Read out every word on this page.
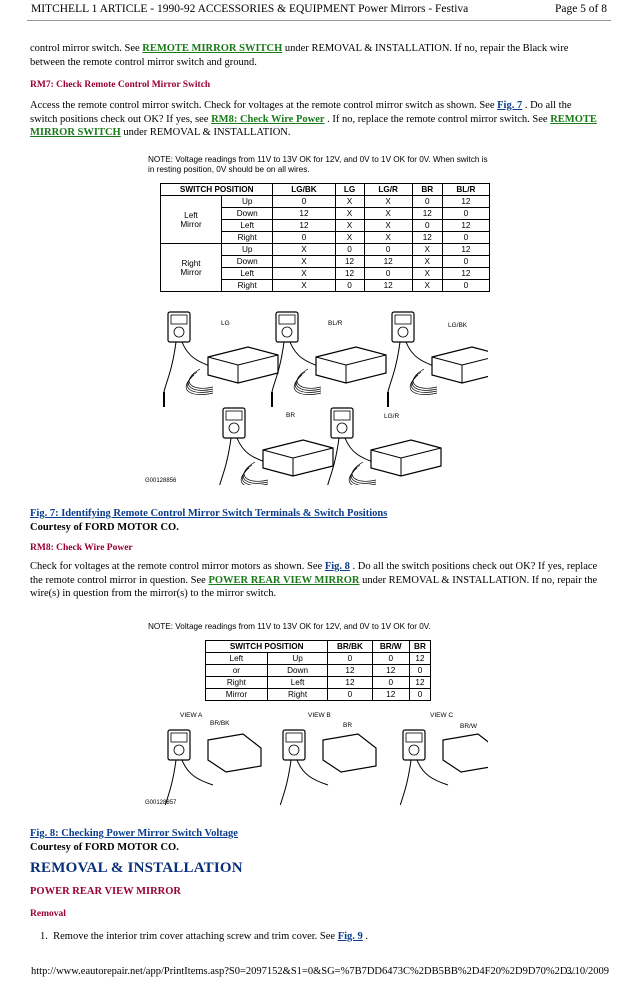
MITCHELL 1 ARTICLE - 1990-92 ACCESSORIES & EQUIPMENT Power Mirrors - Festiva	Page 5 of 8
control mirror switch. See REMOTE MIRROR SWITCH under REMOVAL & INSTALLATION. If no, repair the Black wire between the remote control mirror switch and ground.
RM7: Check Remote Control Mirror Switch
Access the remote control mirror switch. Check for voltages at the remote control mirror switch as shown. See Fig. 7 . Do all the switch positions check out OK? If yes, see RM8: Check Wire Power . If no, replace the remote control mirror switch. See REMOTE MIRROR SWITCH under REMOVAL & INSTALLATION.
NOTE: Voltage readings from 11V to 13V OK for 12V, and 0V to 1V OK for 0V. When switch is in resting position, 0V should be on all wires.
SWITCH POSITION		LG/BK	LG	LG/R	BR	BL/R

Left
Mirror	Up	0	X	X	0	12
	Down	12	X	X	12	0
	Left	12	X	X	0	12
	Right	0	X	X	12	0

Right
Mirror	Up	X	0	0	X	12
	Down	X	12	12	X	0
	Left	X	12	0	X	12
	Right	X	0	12	X	0
LG	BL/R	LG/BK
BR	LG/R
G00128856
Fig. 7: Identifying Remote Control Mirror Switch Terminals & Switch Positions
Courtesy of FORD MOTOR CO.
RM8: Check Wire Power
Check for voltages at the remote control mirror motors as shown. See Fig. 8 . Do all the switch positions check out OK? If yes, replace the remote control mirror in question. See POWER REAR VIEW MIRROR under REMOVAL & INSTALLATION. If no, repair the wire(s) in question from the mirror(s) to the mirror switch.
NOTE: Voltage readings from 11V to 13V OK for 12V, and 0V to 1V OK for 0V.
SWITCH POSITION		BR/BK	BR/W	BR
Left	Up	0	0	12
or	Down	12	12	0
Right	Left	12	0	12
Mirror	Right	0	12	0
VIEW A	VIEW B	VIEW C
BR/BK	BR	BR/W
G00128857
Fig. 8: Checking Power Mirror Switch Voltage
Courtesy of FORD MOTOR CO.
REMOVAL & INSTALLATION
POWER REAR VIEW MIRROR
Removal
1. Remove the interior trim cover attaching screw and trim cover. See Fig. 9 .
http://www.eautorepair.net/app/PrintItems.asp?S0=2097152&S1=0&SG=%7B7DD6473C%2DB5BB%2D4F20%2D9D70%2D...
3/10/2009
